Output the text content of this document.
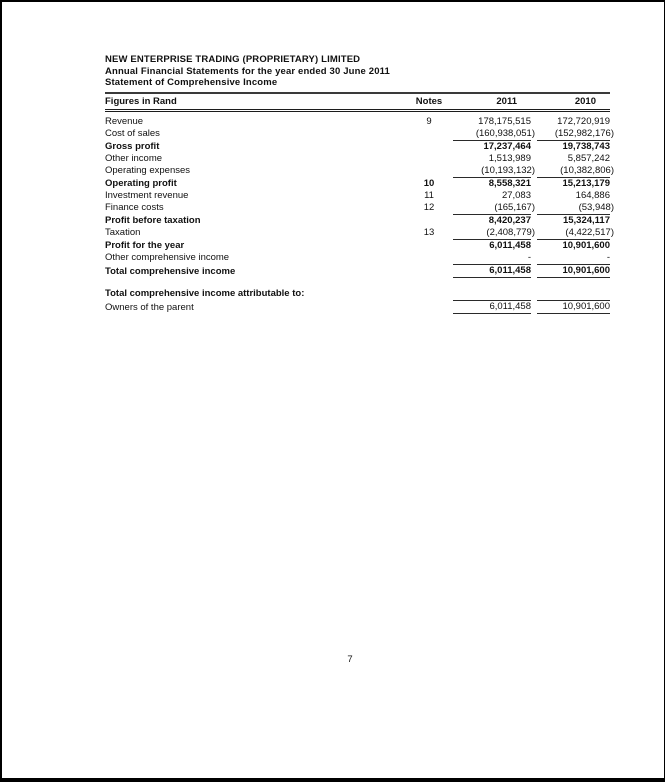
NEW ENTERPRISE TRADING (PROPRIETARY) LIMITED
Annual Financial Statements for the year ended 30 June 2011
Statement of Comprehensive Income
Figures in Rand	Notes	2011		2010
Revenue	9	178,175,515		172,720,919
Cost of sales		(160,938,051)		(152,982,176)
Gross profit		17,237,464		19,738,743
Other income		1,513,989		5,857,242
Operating expenses		(10,193,132)		(10,382,806)
Operating profit	10	8,558,321		15,213,179
Investment revenue	11	27,083		164,886
Finance costs	12	(165,167)		(53,948)
Profit before taxation		8,420,237		15,324,117
Taxation	13	(2,408,779)		(4,422,517)
Profit for the year		6,011,458		10,901,600
Other comprehensive income		-		-
Total comprehensive income		6,011,458		10,901,600
Total comprehensive income attributable to:				
Owners of the parent		6,011,458		10,901,600
7
